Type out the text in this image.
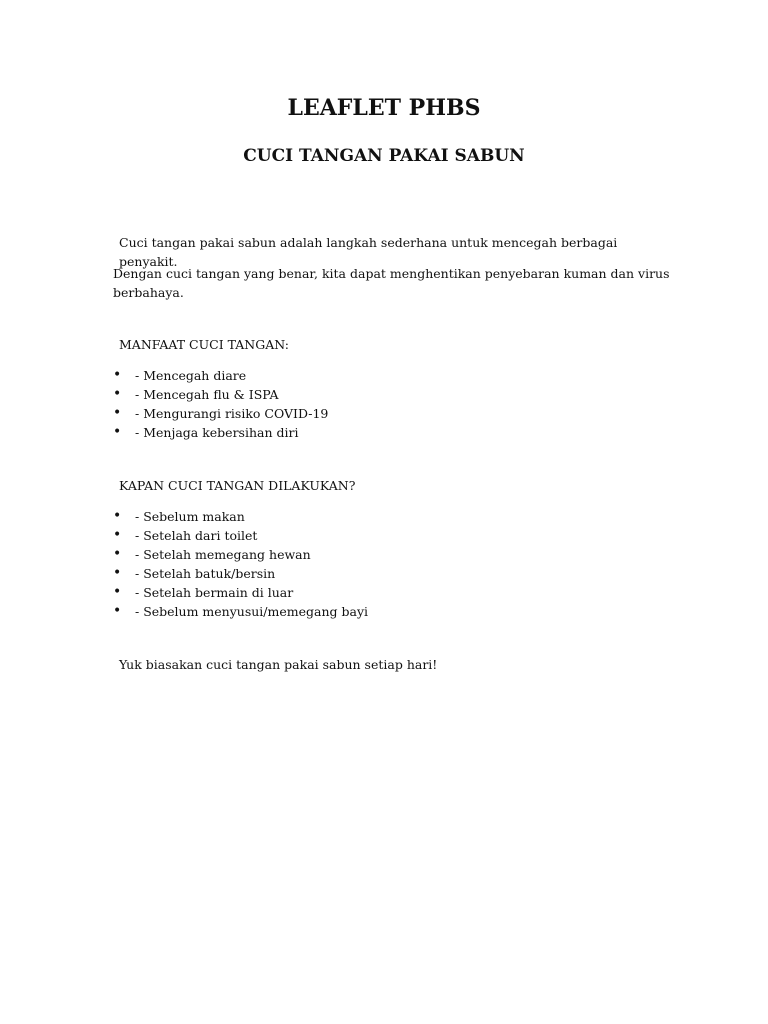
LEAFLET PHBS
CUCI TANGAN PAKAI SABUN

Cuci tangan pakai sabun adalah langkah sederhana untuk mencegah berbagai penyakit.

Dengan cuci tangan yang benar, kita dapat menghentikan penyebaran kuman dan virus
berbahaya.

MANFAAT CUCI TANGAN:

• - Mencegah diare
• - Mencegah flu & ISPA
• - Mengurangi risiko COVID-19
• - Menjaga kebersihan diri

KAPAN CUCI TANGAN DILAKUKAN?

• - Sebelum makan
• - Setelah dari toilet
• - Setelah memegang hewan
• - Setelah batuk/bersin
• - Setelah bermain di luar
• - Sebelum menyusui/memegang bayi

Yuk biasakan cuci tangan pakai sabun setiap hari!
